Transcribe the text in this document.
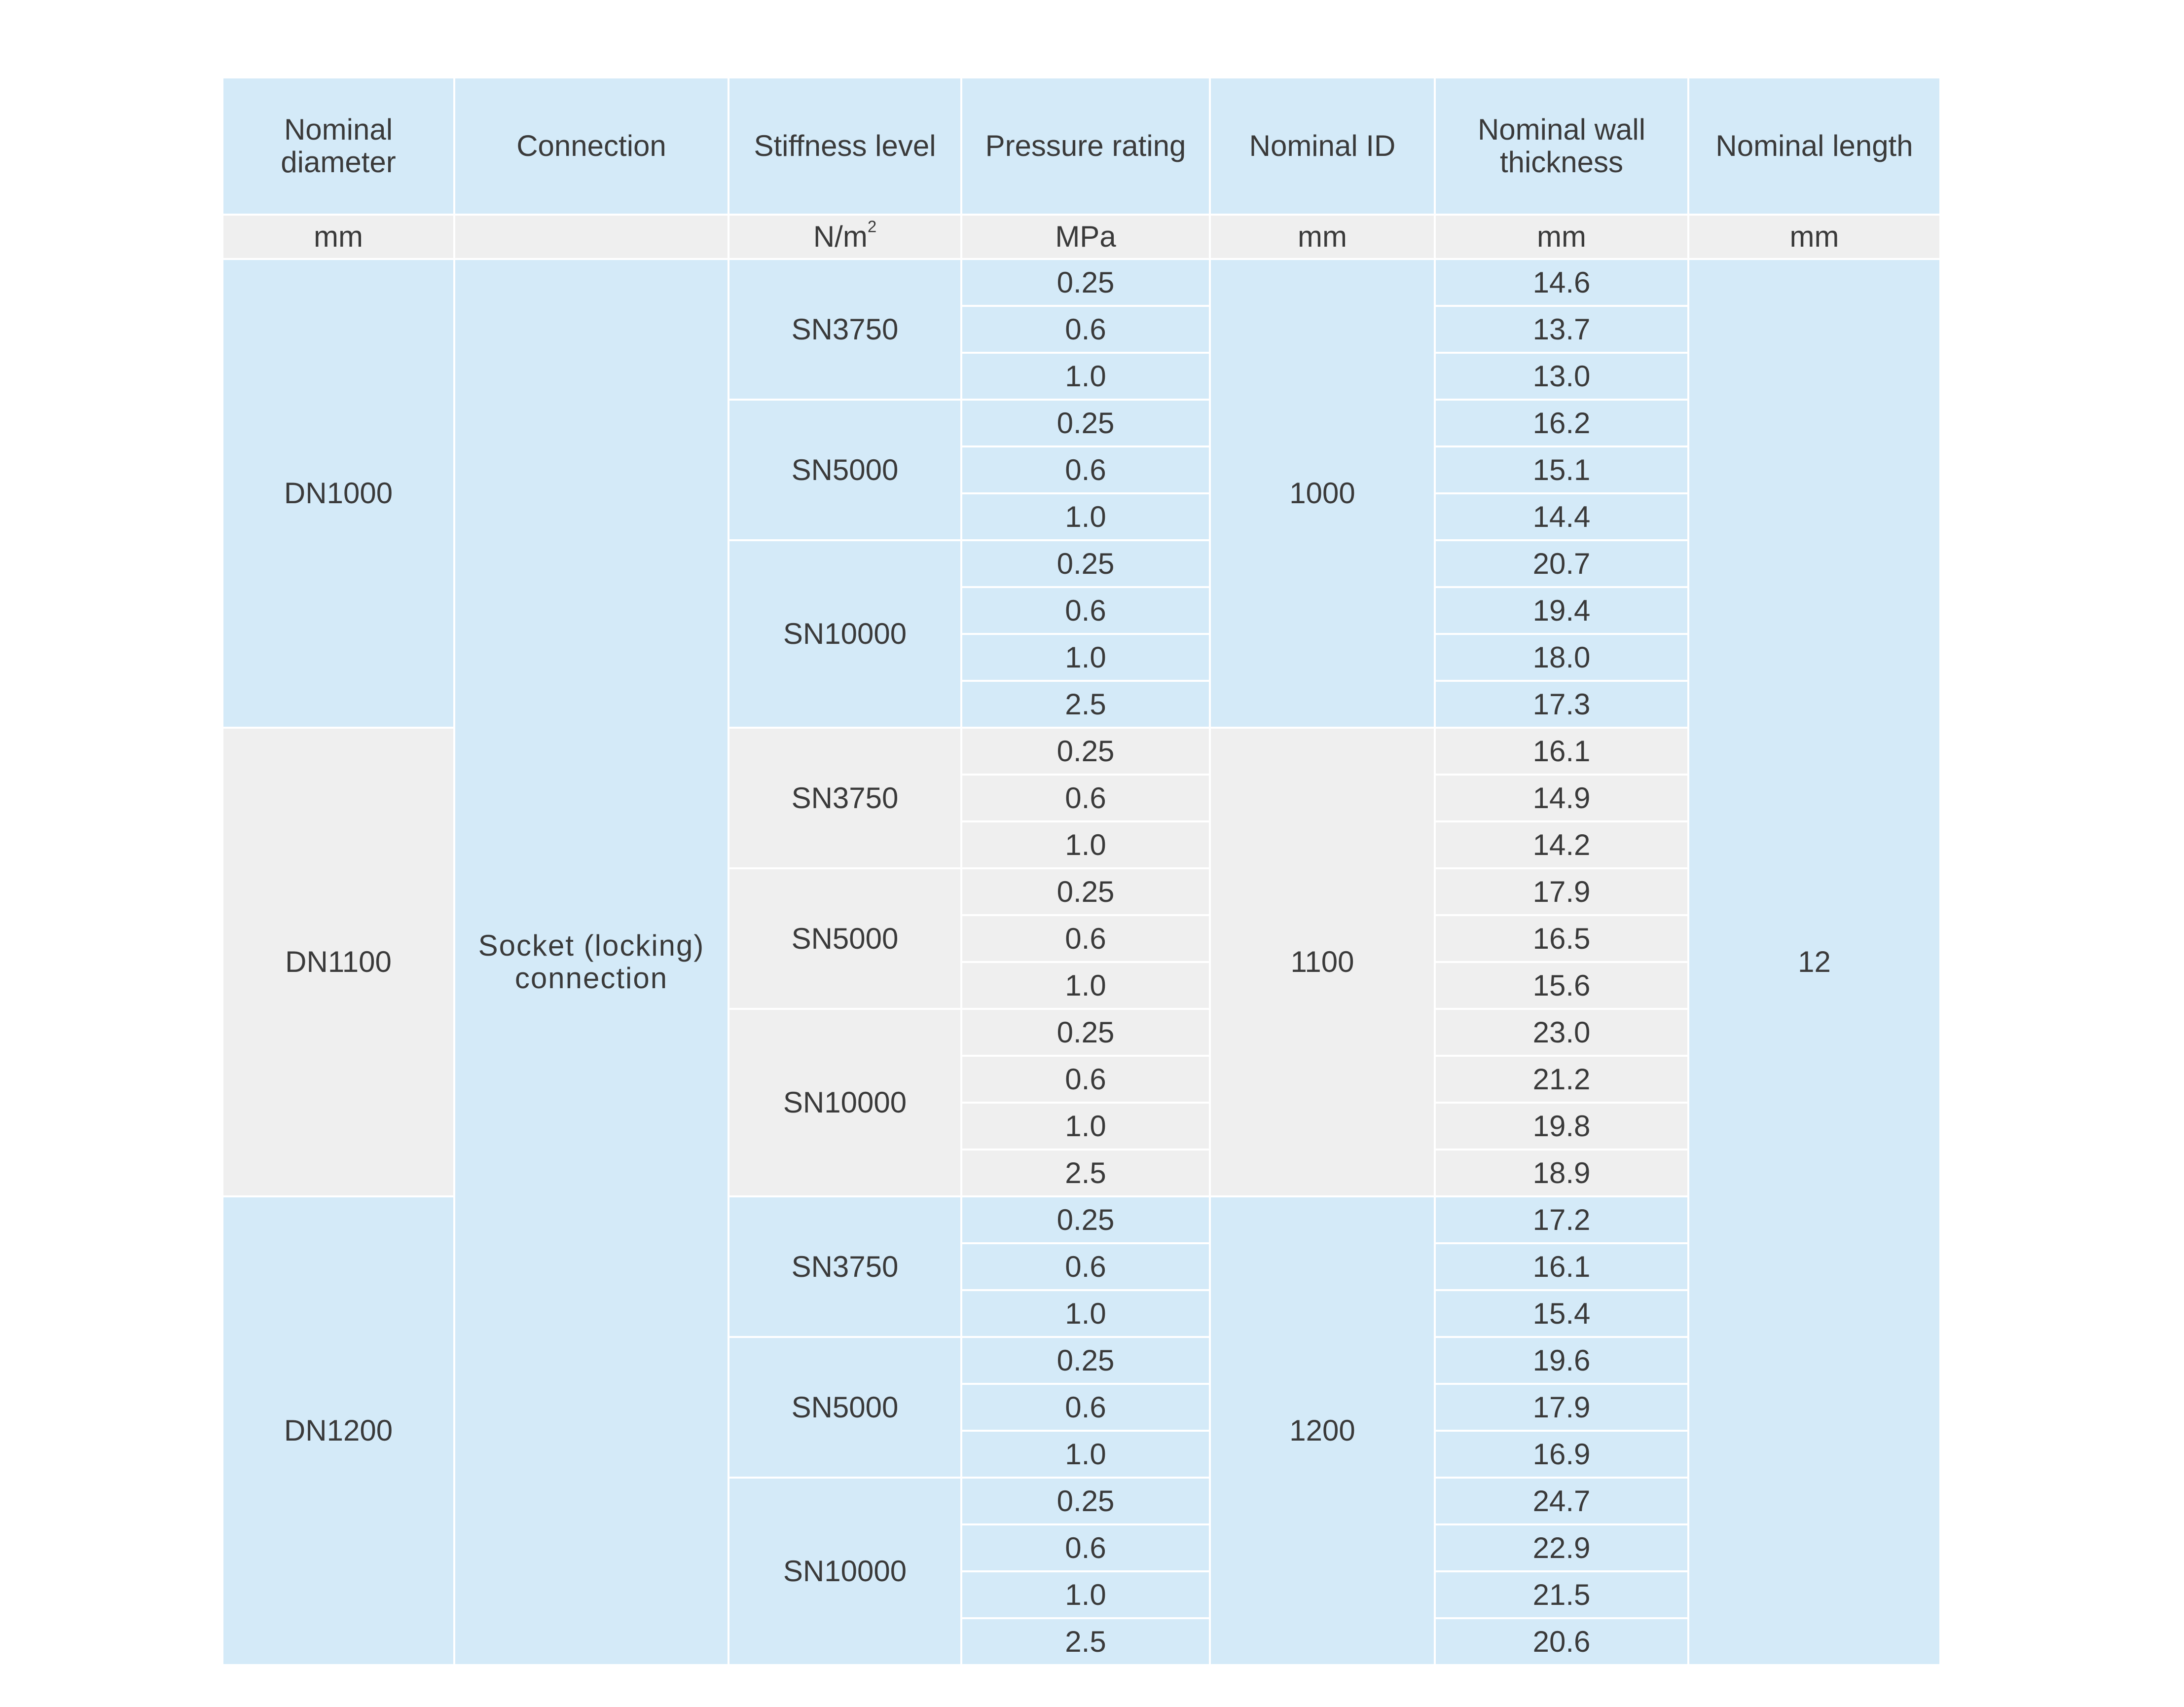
Nominal diameter	Connection	Stiffness level	Pressure rating	Nominal ID	Nominal wall thickness	Nominal length
mm		$N/m^2$	MPa	mm	mm	mm
DN1000	Socket (locking) connection	SN3750	0.25	1000	14.6	12
			0.6		13.7	
			1.0		13.0	
		SN5000	0.25		16.2	
			0.6		15.1	
			1.0		14.4	
		SN10000	0.25		20.7	
			0.6		19.4	
			1.0		18.0	
			2.5		17.3	
DN1100		SN3750	0.25	1100	16.1	
			0.6		14.9	
			1.0		14.2	
		SN5000	0.25		17.9	
			0.6		16.5	
			1.0		15.6	
		SN10000	0.25		23.0	
			0.6		21.2	
			1.0		19.8	
			2.5		18.9	
DN1200		SN3750	0.25	1200	17.2	
			0.6		16.1	
			1.0		15.4	
		SN5000	0.25		19.6	
			0.6		17.9	
			1.0		16.9	
		SN10000	0.25		24.7	
			0.6		22.9	
			1.0		21.5	
			2.5		20.6	
